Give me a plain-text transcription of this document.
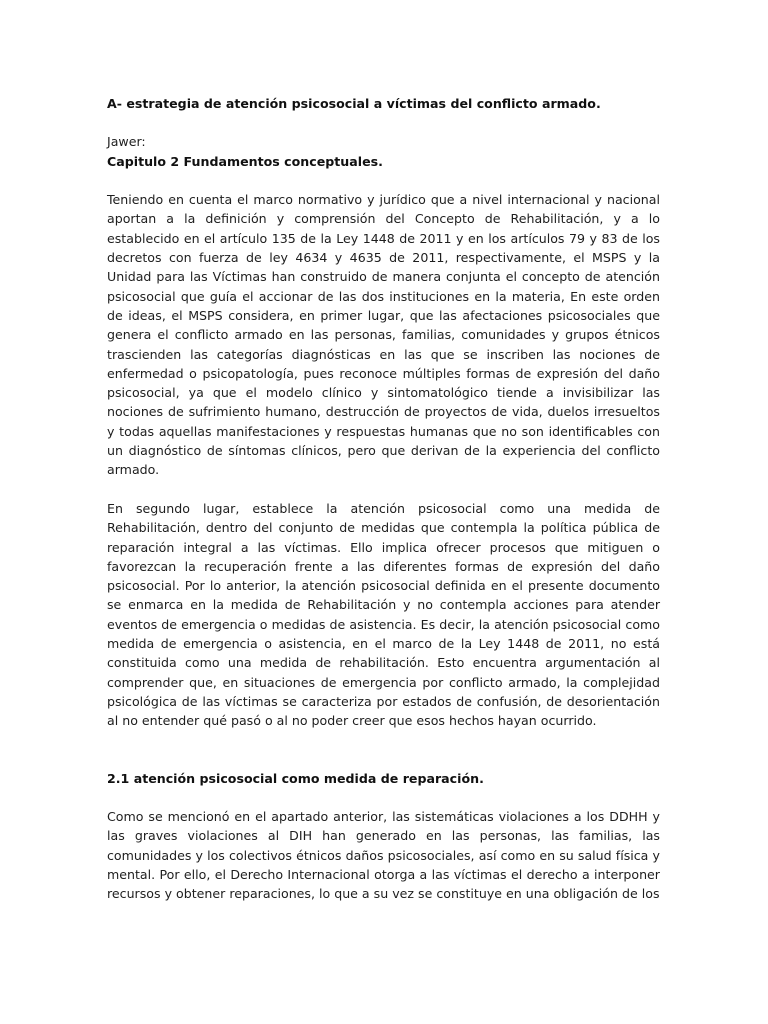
A- estrategia de atención psicosocial a víctimas del conflicto armado.

Jawer:

Capitulo 2 Fundamentos conceptuales.

Teniendo en cuenta el marco normativo y jurídico que a nivel internacional y nacional aportan a la definición y comprensión del Concepto de Rehabilitación, y a lo establecido en el artículo 135 de la Ley 1448 de 2011 y en los artículos 79 y 83 de los decretos con fuerza de ley 4634 y 4635 de 2011, respectivamente, el MSPS y la Unidad para las Víctimas han construido de manera conjunta el concepto de atención psicosocial que guía el accionar de las dos instituciones en la materia, En este orden de ideas, el MSPS considera, en primer lugar, que las afectaciones psicosociales que genera el conflicto armado en las personas, familias, comunidades y grupos étnicos trascienden las categorías diagnósticas en las que se inscriben las nociones de enfermedad o psicopatología, pues reconoce múltiples formas de expresión del daño psicosocial, ya que el modelo clínico y sintomatológico tiende a invisibilizar las nociones de sufrimiento humano, destrucción de proyectos de vida, duelos irresueltos y todas aquellas manifestaciones y respuestas humanas que no son identificables con un diagnóstico de síntomas clínicos, pero que derivan de la experiencia del conflicto armado.

En segundo lugar, establece la atención psicosocial como una medida de Rehabilitación, dentro del conjunto de medidas que contempla la política pública de reparación integral a las víctimas. Ello implica ofrecer procesos que mitiguen o favorezcan la recuperación frente a las diferentes formas de expresión del daño psicosocial. Por lo anterior, la atención psicosocial definida en el presente documento se enmarca en la medida de Rehabilitación y no contempla acciones para atender eventos de emergencia o medidas de asistencia. Es decir, la atención psicosocial como medida de emergencia o asistencia, en el marco de la Ley 1448 de 2011, no está constituida como una medida de rehabilitación. Esto encuentra argumentación al comprender que, en situaciones de emergencia por conflicto armado, la complejidad psicológica de las víctimas se caracteriza por estados de confusión, de desorientación al no entender qué pasó o al no poder creer que esos hechos hayan ocurrido.

2.1 atención psicosocial como medida de reparación.

Como se mencionó en el apartado anterior, las sistemáticas violaciones a los DDHH y las graves violaciones al DIH han generado en las personas, las familias, las comunidades y los colectivos étnicos daños psicosociales, así como en su salud física y mental. Por ello, el Derecho Internacional otorga a las víctimas el derecho a interponer recursos y obtener reparaciones, lo que a su vez se constituye en una obligación de los
